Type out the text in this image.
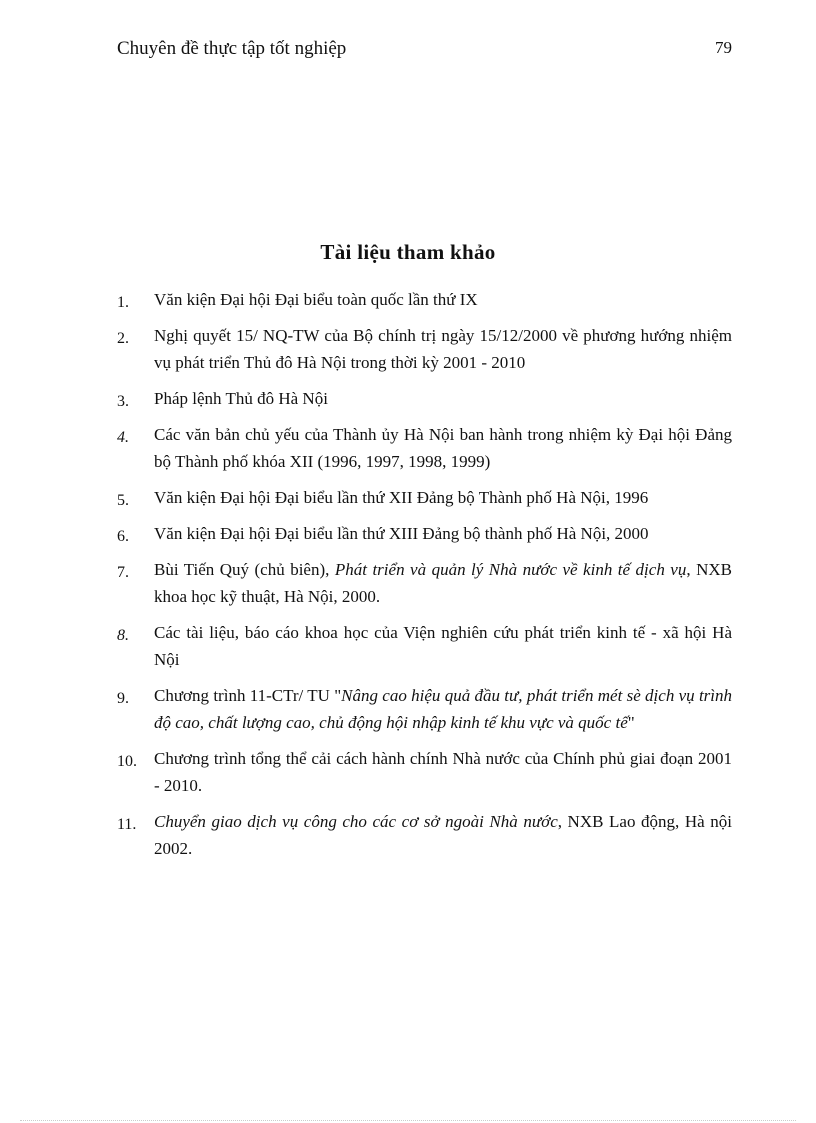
Chuyên đề thực tập tốt nghiệp	79
Tài liệu tham khảo
1. Văn kiện Đại hội Đại biểu toàn quốc lần thứ IX
2. Nghị quyết 15/ NQ-TW của Bộ chính trị ngày 15/12/2000 về phương hướng nhiệm vụ phát triển Thủ đô Hà Nội trong thời kỳ 2001 - 2010
3. Pháp lệnh Thủ đô Hà Nội
4. Các văn bản chủ yếu của Thành ủy Hà Nội ban hành trong nhiệm kỳ Đại hội Đảng bộ Thành phố khóa XII (1996, 1997, 1998, 1999)
5. Văn kiện Đại hội Đại biểu lần thứ XII Đảng bộ Thành phố Hà Nội, 1996
6. Văn kiện Đại hội Đại biểu lần thứ XIII Đảng bộ thành phố Hà Nội, 2000
7. Bùi Tiến Quý (chủ biên), Phát triển và quản lý Nhà nước về kinh tế dịch vụ, NXB khoa học kỹ thuật, Hà Nội, 2000.
8. Các tài liệu, báo cáo khoa học của Viện nghiên cứu phát triển kinh tế - xã hội Hà Nội
9. Chương trình 11-CTr/ TU "Nâng cao hiệu quả đầu tư, phát triển mét sè dịch vụ trình độ cao, chất lượng cao, chủ động hội nhập kinh tế khu vực và quốc tế"
10. Chương trình tổng thể cải cách hành chính Nhà nước của Chính phủ giai đoạn 2001 - 2010.
11. Chuyển giao dịch vụ công cho các cơ sở ngoài Nhà nước, NXB Lao động, Hà nội 2002.
